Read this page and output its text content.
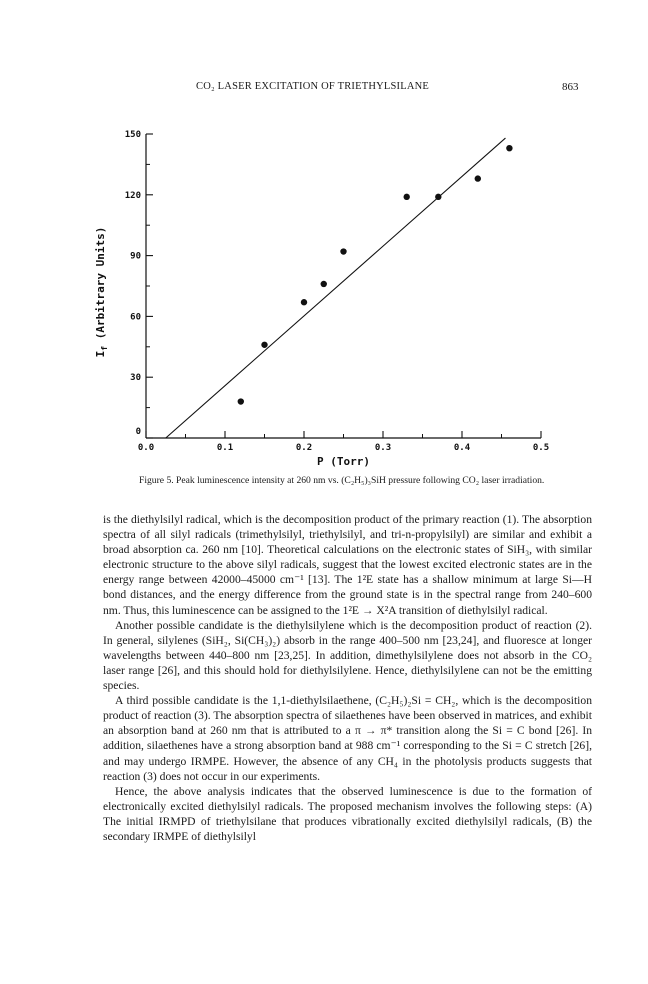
CO₂ LASER EXCITATION OF TRIETHYLSILANE	863
0.0	0.1	0.2	0.3	0.4	0.5
0
30
60
90
120
150
P (Torr)
$I_f$ (Arbitrary Units)
Figure 5. Peak luminescence intensity at 260 nm vs. (C₂H₅)₃SiH pressure following CO₂ laser irradiation.

is the diethylsilyl radical, which is the decomposition product of the primary reaction (1). The absorption spectra of all silyl radicals (trimethylsilyl, triethylsilyl, and tri-n-propylsilyl) are similar and exhibit a broad absorption ca. 260 nm [10]. Theoretical calculations on the electronic states of SiH₃, with similar electronic structure to the above silyl radicals, suggest that the lowest excited electronic states are in the energy range between 42000–45000 cm⁻¹ [13]. The 1²E state has a shallow minimum at large Si—H bond distances, and the energy difference from the ground state is in the spectral range from 240–600 nm. Thus, this luminescence can be assigned to the 1²E → X²A transition of diethylsilyl radical.

Another possible candidate is the diethylsilylene which is the decomposition product of reaction (2). In general, silylenes (SiH₂, Si(CH₃)₂) absorb in the range 400–500 nm [23,24], and fluoresce at longer wavelengths between 440–800 nm [23,25]. In addition, dimethylsilylene does not absorb in the CO₂ laser range [26], and this should hold for diethylsilylene. Hence, diethylsilylene can not be the emitting species.

A third possible candidate is the 1,1-diethylsilaethene, (C₂H₅)₂Si = CH₂, which is the decomposition product of reaction (3). The absorption spectra of silaethenes have been observed in matrices, and exhibit an absorption band at 260 nm that is attributed to a π → π* transition along the Si = C bond [26]. In addition, silaethenes have a strong absorption band at 988 cm⁻¹ corresponding to the Si = C stretch [26], and may undergo IRMPE. However, the absence of any CH₄ in the photolysis products suggests that reaction (3) does not occur in our experiments.

Hence, the above analysis indicates that the observed luminescence is due to the formation of electronically excited diethylsilyl radicals. The proposed mechanism involves the following steps: (A) The initial IRMPD of triethylsilane that produces vibrationally excited diethylsilyl radicals, (B) the secondary IRMPE of diethylsilyl
